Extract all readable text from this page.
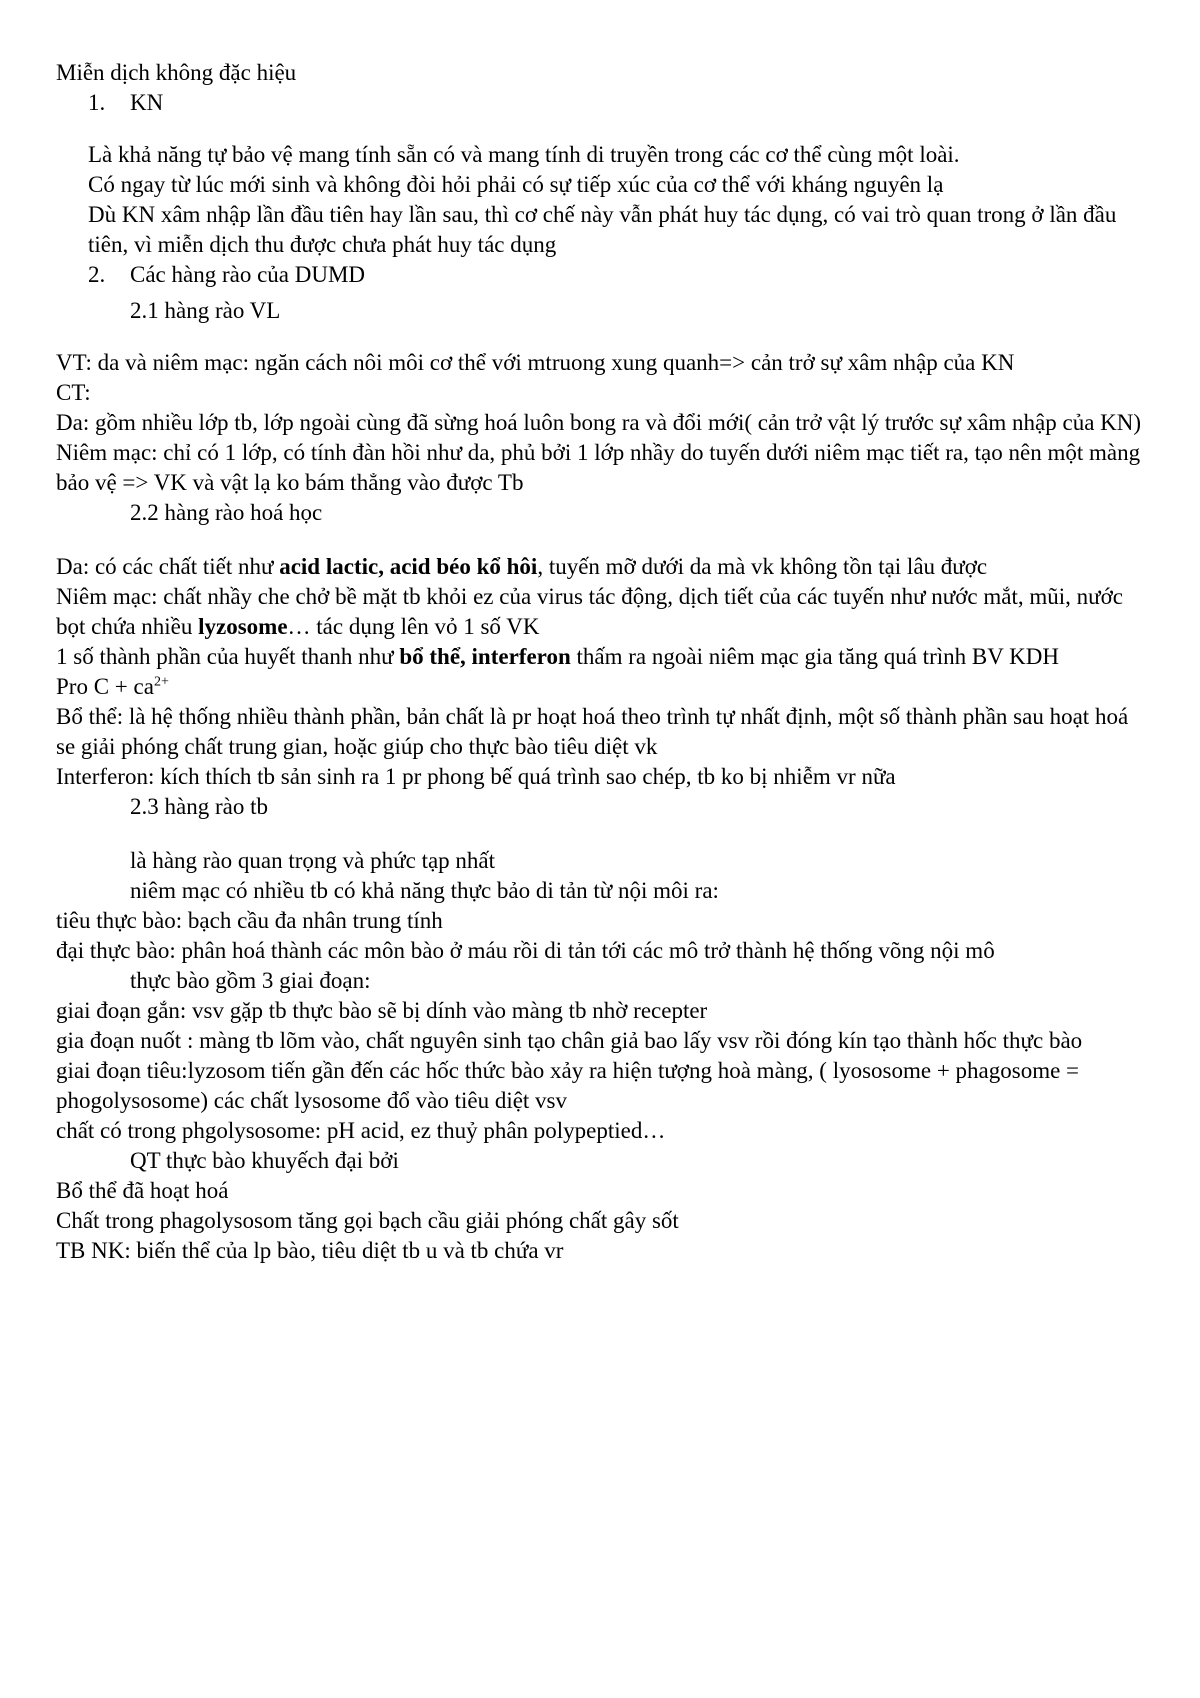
Miễn dịch không đặc hiệu
1. KN
Là khả năng tự bảo vệ mang tính sẵn có và mang tính di truyền trong các cơ thể cùng một loài.
Có ngay từ lúc mới sinh và không đòi hỏi phải có sự tiếp xúc của cơ thể với kháng nguyên lạ
Dù KN xâm nhập lần đầu tiên hay lần sau, thì cơ chế này vẫn phát huy tác dụng, có vai trò quan trong ở lần đầu tiên, vì miễn dịch thu được chưa phát huy tác dụng
2. Các hàng rào của DUMD
2.1 hàng rào VL
VT: da và niêm mạc: ngăn cách nôi môi cơ thể với mtruong xung quanh=> cản trở sự xâm nhập của KN
CT:
Da: gồm nhiều lớp tb, lớp ngoài cùng đã sừng hoá luôn bong ra và đổi mới( cản trở vật lý trước sự xâm nhập của KN)
Niêm mạc: chỉ có 1 lớp, có tính đàn hồi như da, phủ bởi 1 lớp nhầy do tuyến dưới niêm mạc tiết ra, tạo nên một màng bảo vệ => VK và vật lạ ko bám thẳng vào được Tb
2.2 hàng rào hoá học
Da: có các chất tiết như acid lactic, acid béo kổ hôi, tuyến mỡ dưới da mà vk không tồn tại lâu được
Niêm mạc: chất nhầy che chở bề mặt tb khỏi ez của virus tác động, dịch tiết của các tuyến như nước mắt, mũi, nước bọt chứa nhiều lyzosome… tác dụng lên vỏ 1 số VK
1 số thành phần của huyết thanh như bổ thể, interferon thấm ra ngoài niêm mạc gia tăng quá trình BV KDH
Pro $C + ca^{2+}$
Bổ thể: là hệ thống nhiều thành phần, bản chất là pr hoạt hoá theo trình tự nhất định, một số thành phần sau hoạt hoá se giải phóng chất trung gian, hoặc giúp cho thực bào tiêu diệt vk
Interferon: kích thích tb sản sinh ra 1 pr phong bế quá trình sao chép, tb ko bị nhiễm vr nữa
2.3 hàng rào tb
là hàng rào quan trọng và phức tạp nhất
niêm mạc có nhiều tb có khả năng thực bảo di tản từ nội môi ra:
tiêu thực bào: bạch cầu đa nhân trung tính
đại thực bào: phân hoá thành các môn bào ở máu rồi di tản tới các mô trở thành hệ thống võng nội mô
thực bào gồm 3 giai đoạn:
giai đoạn gắn: vsv gặp tb thực bào sẽ bị dính vào màng tb nhờ recepter
gia đoạn nuốt : màng tb lõm vào, chất nguyên sinh tạo chân giả bao lấy vsv rồi đóng kín tạo thành hốc thực bào
giai đoạn tiêu:lyzosom tiến gần đến các hốc thức bào xảy ra hiện tượng hoà màng, ( lyososome + phagosome = phogolysosome) các chất lysosome đổ vào tiêu diệt vsv
chất có trong phgolysosome: pH acid, ez thuỷ phân polypeptied…
QT thực bào khuyếch đại bởi
Bổ thể đã hoạt hoá
Chất trong phagolysosom tăng gọi bạch cầu giải phóng chất gây sốt
TB NK: biến thể của lp bào, tiêu diệt tb u và tb chứa vr
